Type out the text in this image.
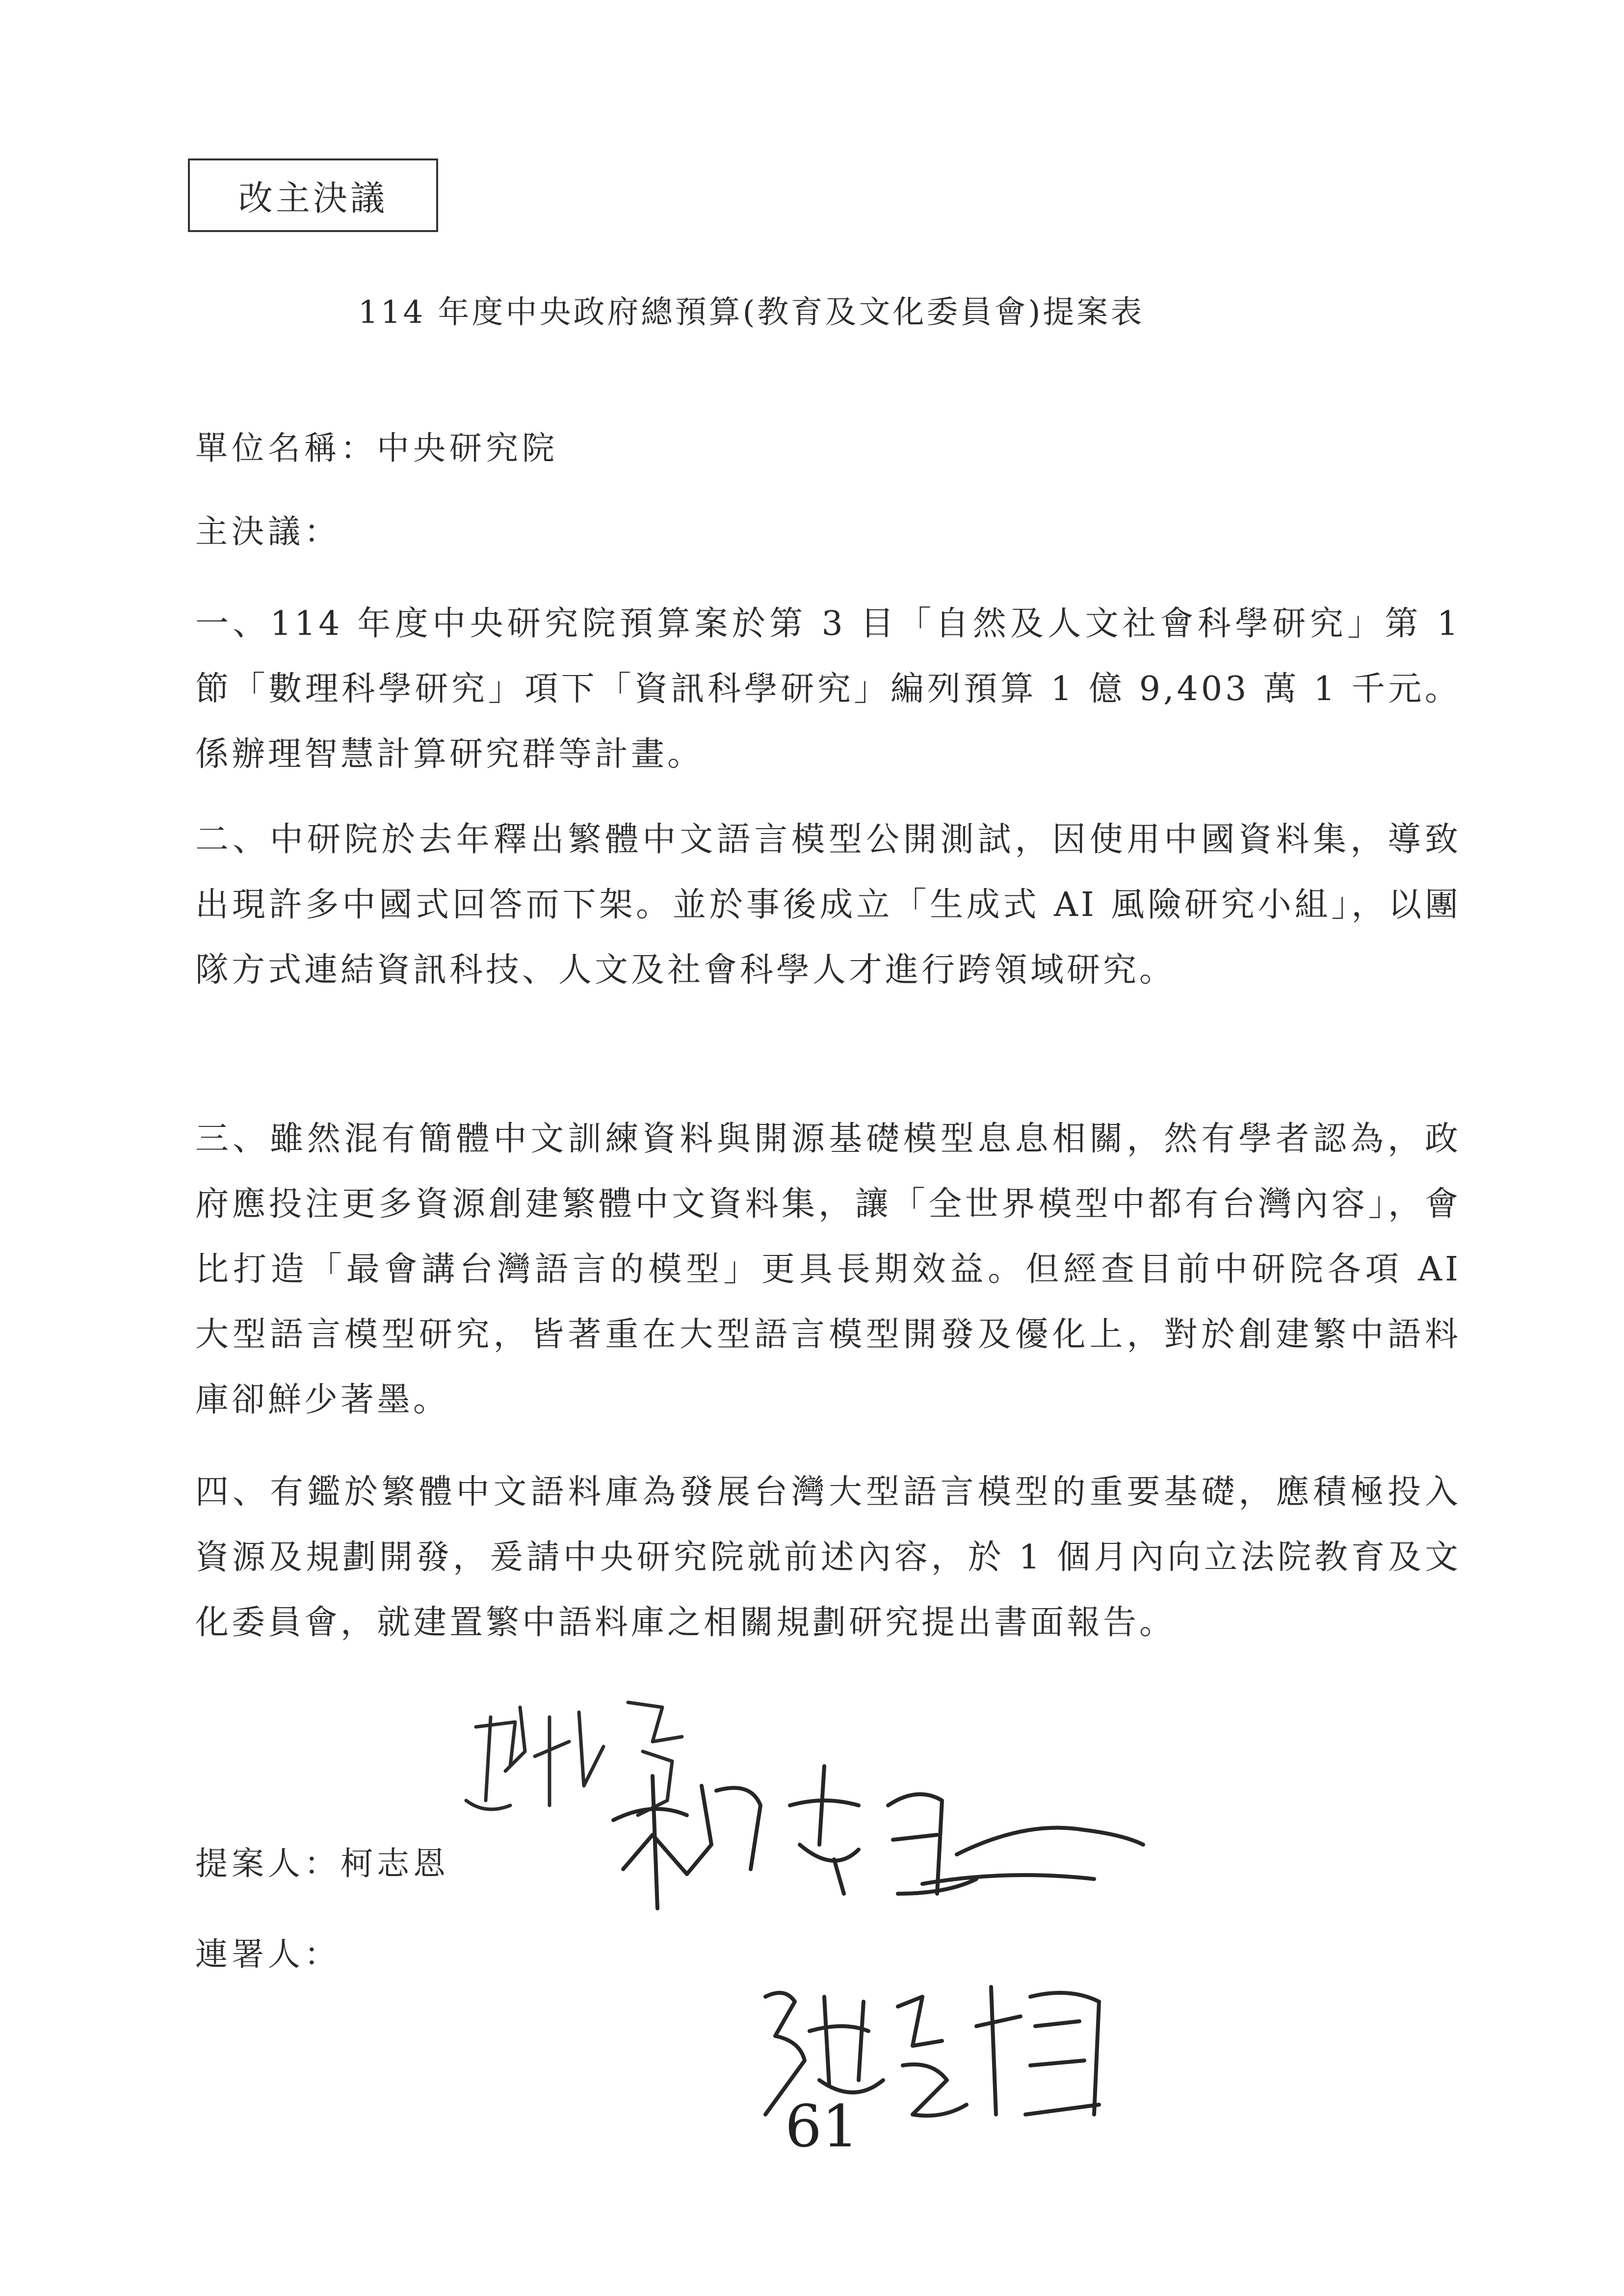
改主決議
114 年度中央政府總預算(教育及文化委員會)提案表
單位名稱：中央研究院
主決議：
一、114 年度中央研究院預算案於第 3 目「自然及人文社會科學研究」第 1 節「數理科學研究」項下「資訊科學研究」編列預算 1 億 9,403 萬 1 千元。係辦理智慧計算研究群等計畫。
二、中研院於去年釋出繁體中文語言模型公開測試，因使用中國資料集，導致出現許多中國式回答而下架。並於事後成立「生成式 AI 風險研究小組」，以團隊方式連結資訊科技、人文及社會科學人才進行跨領域研究。
三、雖然混有簡體中文訓練資料與開源基礎模型息息相關，然有學者認為，政府應投注更多資源創建繁體中文資料集，讓「全世界模型中都有台灣內容」，會比打造「最會講台灣語言的模型」更具長期效益。但經查目前中研院各項 AI 大型語言模型研究，皆著重在大型語言模型開發及優化上，對於創建繁中語料庫卻鮮少著墨。
四、有鑑於繁體中文語料庫為發展台灣大型語言模型的重要基礎，應積極投入資源及規劃開發，爰請中央研究院就前述內容，於 1 個月內向立法院教育及文化委員會，就建置繁中語料庫之相關規劃研究提出書面報告。
提案人：柯志恩
連署人：
61
